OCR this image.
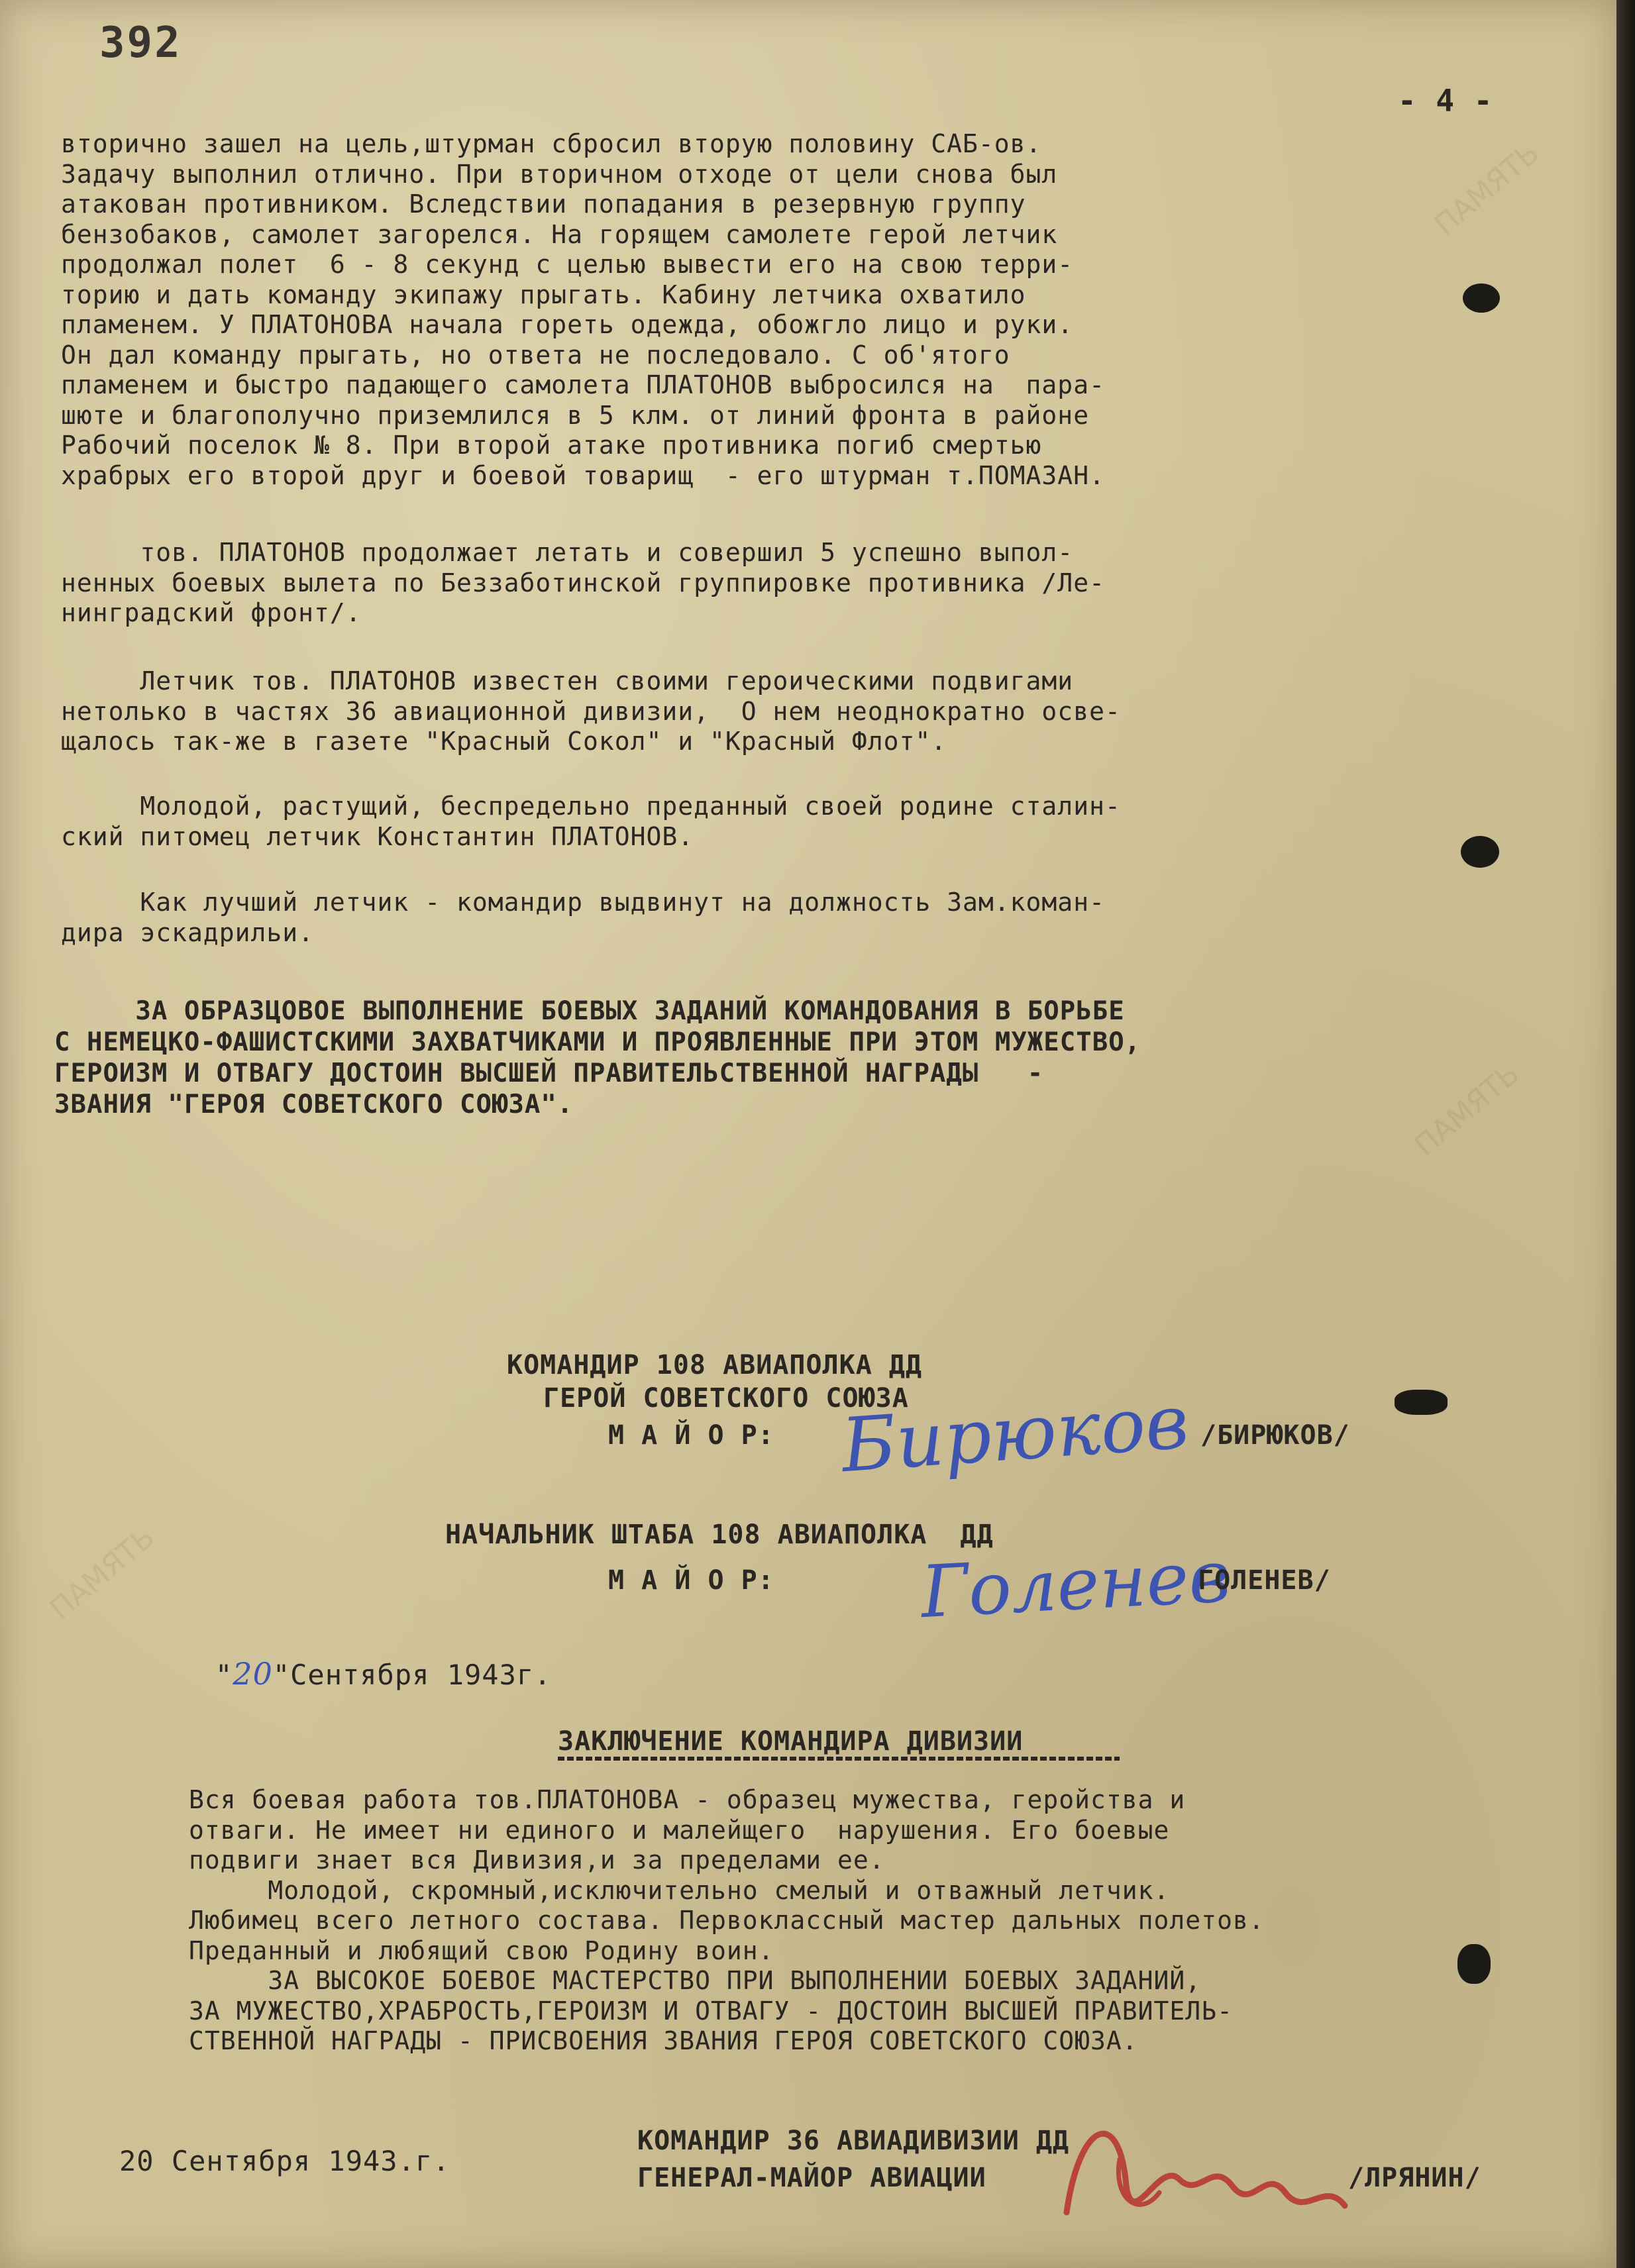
ПАМЯТЬ
ПАМЯТЬ
ПАМЯТЬ
392
- 4 -

вторично зашел на цель,штурман сбросил вторую половину САБ-ов.
Задачу выполнил отлично. При вторичном отходе от цели снова был
атакован противником. Вследствии попадания в резервную группу
бензобаков, самолет загорелся. На горящем самолете герой летчик
продолжал полет  6 - 8 секунд с целью вывести его на свою терри-
торию и дать команду экипажу прыгать. Кабину летчика охватило
пламенем. У ПЛАТОНОВА начала гореть одежда, обожгло лицо и руки.
Он дал команду прыгать, но ответа не последовало. С об'ятого
пламенем и быстро падающего самолета ПЛАТОНОВ выбросился на  пара-
шюте и благополучно приземлился в 5 клм. от линий фронта в районе
Рабочий поселок № 8. При второй атаке противника погиб смертью
храбрых его второй друг и боевой товарищ  - его штурман т.ПОМАЗАН.

тов. ПЛАТОНОВ продолжает летать и совершил 5 успешно выпол-
ненных боевых вылета по Беззаботинской группировке противника /Ле-
нинградский фронт/.

Летчик тов. ПЛАТОНОВ известен своими героическими подвигами
нетолько в частях 36 авиационной дивизии,  О нем неоднократно осве-
щалось так-же в газете "Красный Сокол" и "Красный Флот".

Молодой, растущий, беспредельно преданный своей родине сталин-
ский питомец летчик Константин ПЛАТОНОВ.

Как лучший летчик - командир выдвинут на должность Зам.коман-
дира эскадрильи.

ЗА ОБРАЗЦОВОЕ ВЫПОЛНЕНИЕ БОЕВЫХ ЗАДАНИЙ КОМАНДОВАНИЯ В БОРЬБЕ
С НЕМЕЦКО-ФАШИСТСКИМИ ЗАХВАТЧИКАМИ И ПРОЯВЛЕННЫЕ ПРИ ЭТОМ МУЖЕСТВО,
ГЕРОИЗМ И ОТВАГУ ДОСТОИН ВЫСШЕЙ ПРАВИТЕЛЬСТВЕННОЙ НАГРАДЫ   -
ЗВАНИЯ "ГЕРОЯ СОВЕТСКОГО СОЮЗА".

КОМАНДИР 108 АВИАПОЛКА ДД
ГЕРОЙ СОВЕТСКОГО СОЮЗА
М А Й О Р: Бирюков /БИРЮКОВ/
НАЧАЛЬНИК ШТАБА 108 АВИАПОЛКА  ДД
М А Й О Р: Голенев
ГОЛЕНЕВ/
"20"Сентября 1943г.
ЗАКЛЮЧЕНИЕ КОМАНДИРА ДИВИЗИИ

Вся боевая работа тов.ПЛАТОНОВА - образец мужества, геройства и
отваги. Не имеет ни единого и малейщего  нарушения. Его боевые
подвиги знает вся Дивизия,и за пределами ее.
Молодой, скромный,исключительно смелый и отважный летчик.
Любимец всего летного состава. Первоклассный мастер дальных полетов.
Преданный и любящий свою Родину воин.
ЗА ВЫСОКОЕ БОЕВОЕ МАСТЕРСТВО ПРИ ВЫПОЛНЕНИИ БОЕВЫХ ЗАДАНИЙ,
ЗА МУЖЕСТВО,ХРАБРОСТЬ,ГЕРОИЗМ И ОТВАГУ - ДОСТОИН ВЫСШЕЙ ПРАВИТЕЛЬ-
СТВЕННОЙ НАГРАДЫ - ПРИСВОЕНИЯ ЗВАНИЯ ГЕРОЯ СОВЕТСКОГО СОЮЗА.

20 Сентября 1943.г.
КОМАНДИР 36 АВИАДИВИЗИИ ДД
ГЕНЕРАЛ-МАЙОР АВИАЦИИ	/ЛРЯНИН/
